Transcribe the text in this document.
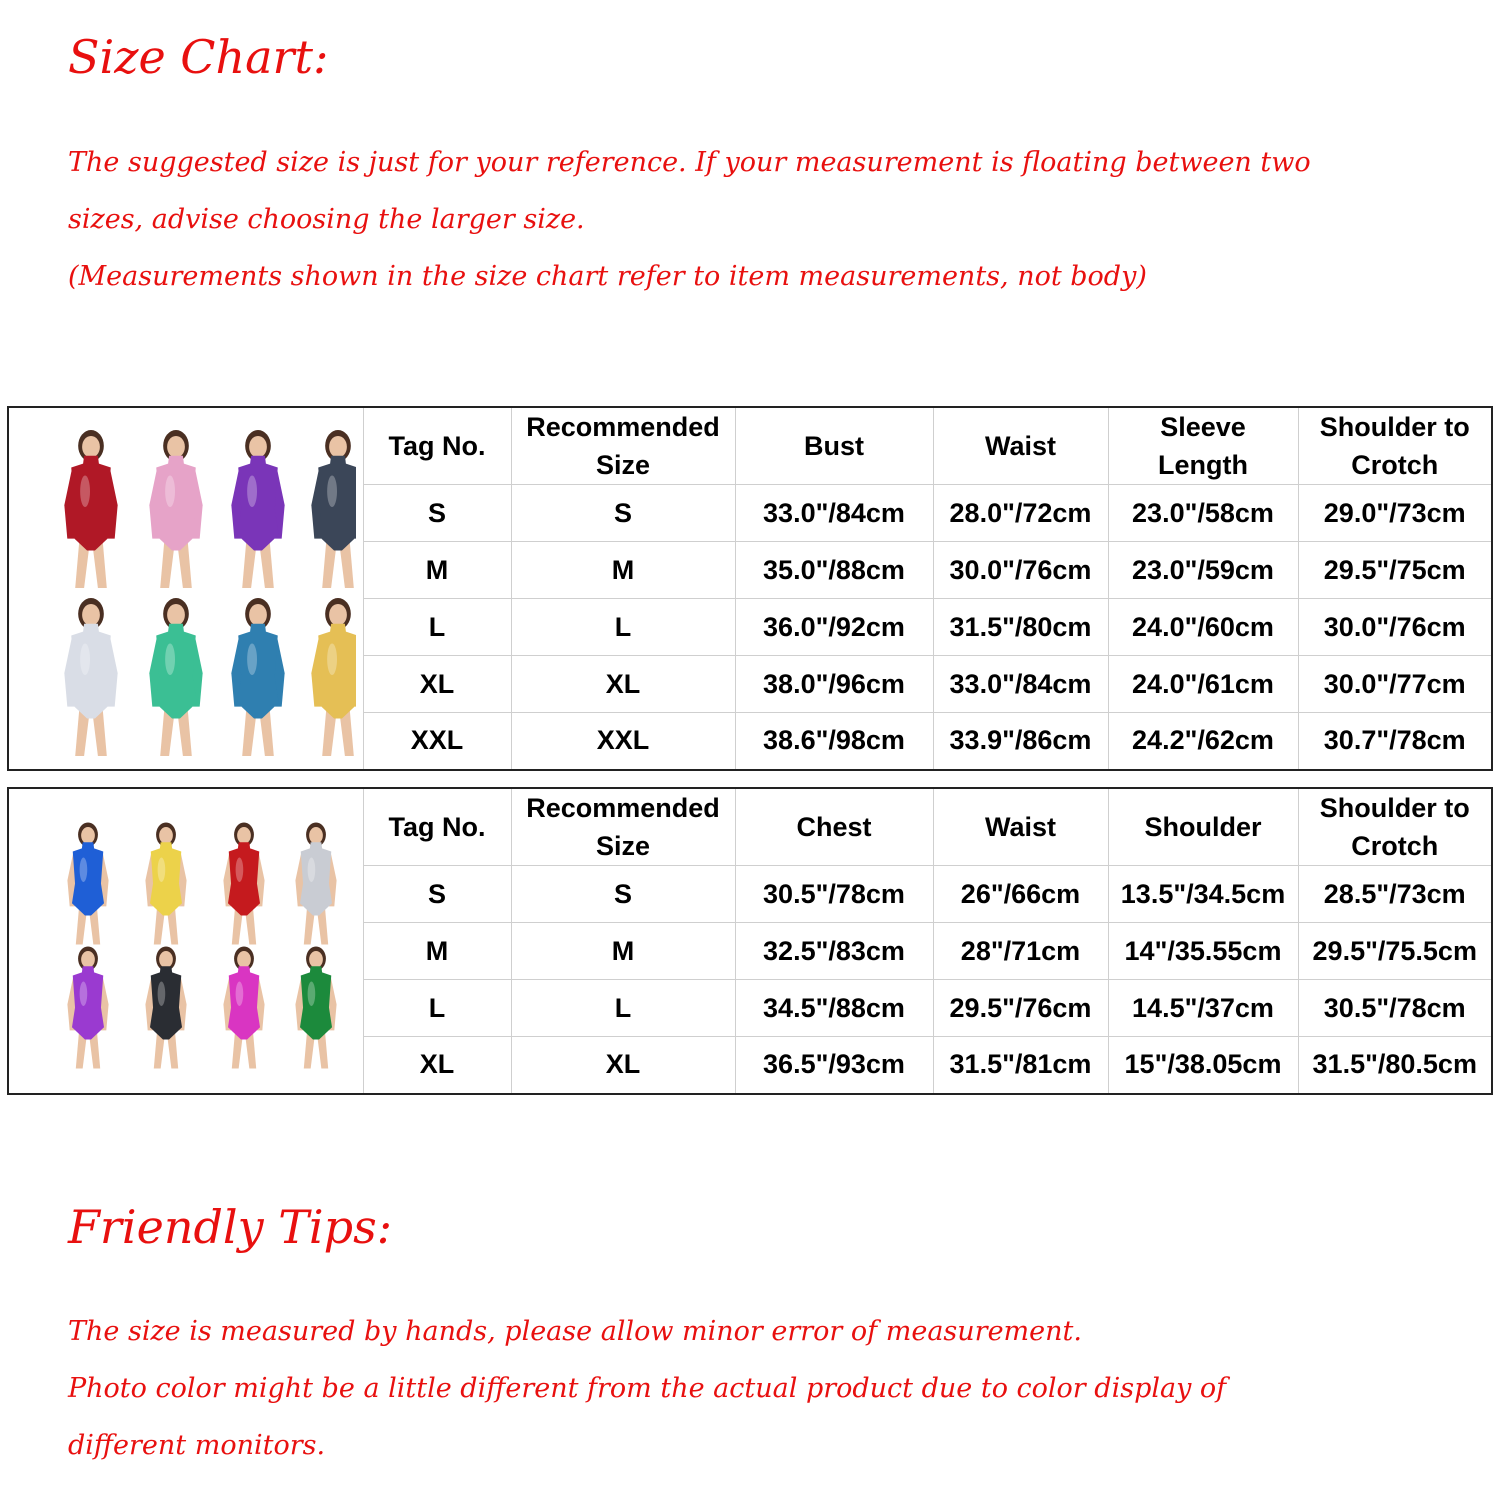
Size Chart:

The suggested size is just for your reference. If your measurement is floating between two
sizes, advise choosing the larger size.
(Measurements shown in the size chart refer to item measurements, not body)

Tag No.	Recommended
Size	Bust	Waist	Sleeve
Length	Shoulder to
Crotch

	S	S	33.0"/84cm	28.0"/72cm	23.0"/58cm	29.0"/73cm
	M	M	35.0"/88cm	30.0"/76cm	23.0"/59cm	29.5"/75cm
	L	L	36.0"/92cm	31.5"/80cm	24.0"/60cm	30.0"/76cm
	XL	XL	38.0"/96cm	33.0"/84cm	24.0"/61cm	30.0"/77cm
	XXL	XXL	38.6"/98cm	33.9"/86cm	24.2"/62cm	30.7"/78cm

Tag No.	Recommended
Size	Chest	Waist	Shoulder	Shoulder to
Crotch

	S	S	30.5"/78cm	26"/66cm	13.5"/34.5cm	28.5"/73cm
	M	M	32.5"/83cm	28"/71cm	14"/35.55cm	29.5"/75.5cm
	L	L	34.5"/88cm	29.5"/76cm	14.5"/37cm	30.5"/78cm
	XL	XL	36.5"/93cm	31.5"/81cm	15"/38.05cm	31.5"/80.5cm
Friendly Tips:

The size is measured by hands, please allow minor error of measurement.
Photo color might be a little different from the actual product due to color display of
different monitors.
